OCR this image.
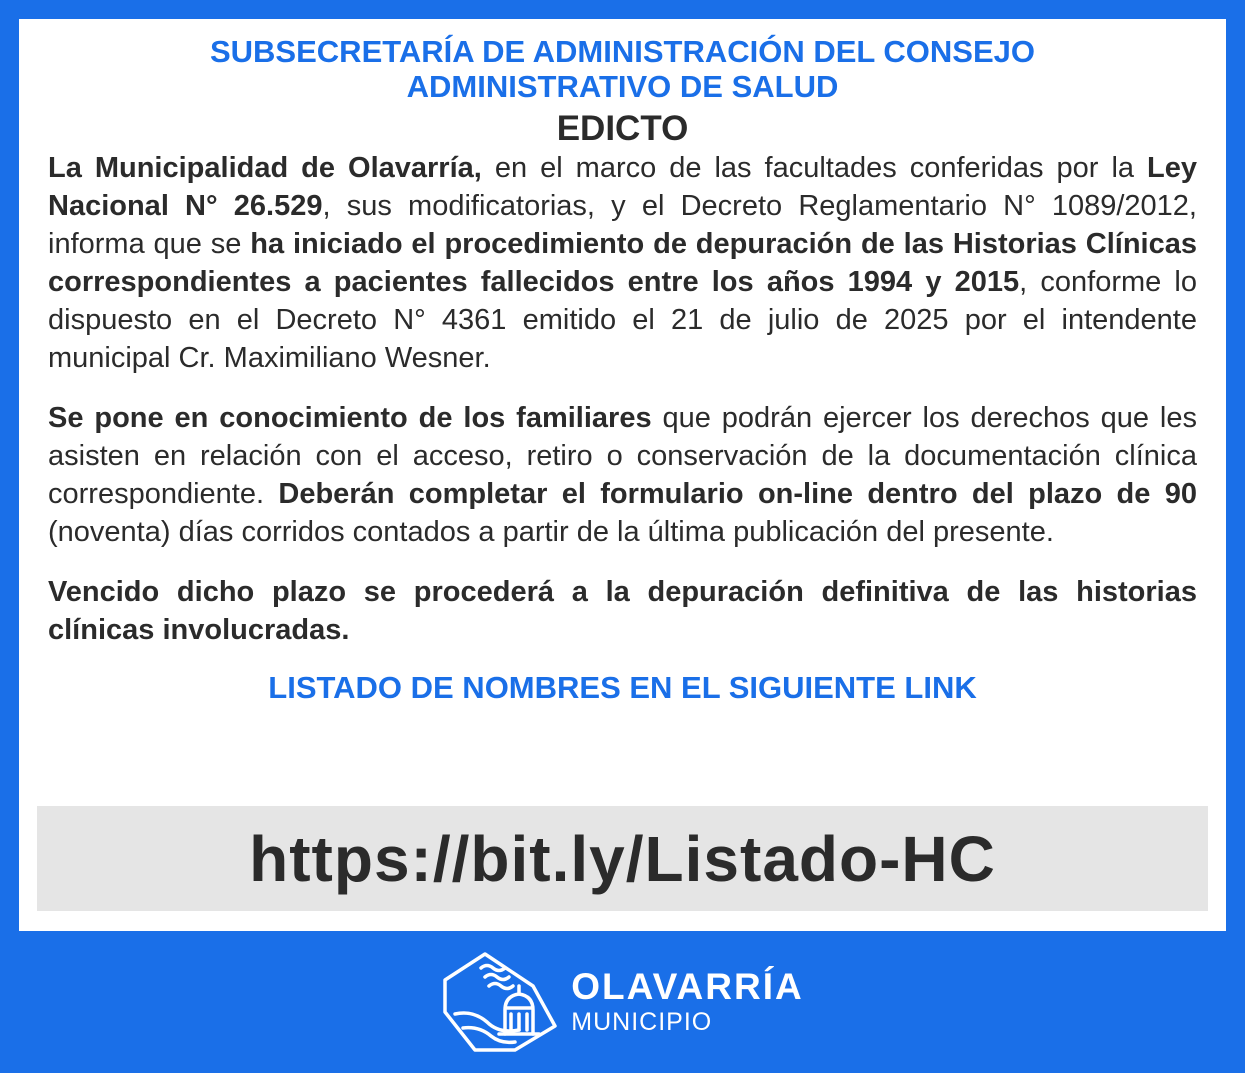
SUBSECRETARÍA DE ADMINISTRACIÓN DEL CONSEJO
ADMINISTRATIVO DE SALUD
EDICTO

La Municipalidad de Olavarría, en el marco de las facultades conferidas por la Ley Nacional N° 26.529, sus modificatorias, y el Decreto Reglamentario N° 1089/2012, informa que se ha iniciado el procedimiento de depuración de las Historias Clínicas correspondientes a pacientes fallecidos entre los años 1994 y 2015, conforme lo dispuesto en el Decreto N° 4361 emitido el 21 de julio de 2025 por el intendente municipal Cr. Maximiliano Wesner.

Se pone en conocimiento de los familiares que podrán ejercer los derechos que les asisten en relación con el acceso, retiro o conservación de la documentación clínica correspondiente. Deberán completar el formulario on-line dentro del plazo de 90 (noventa) días corridos contados a partir de la última publicación del presente.

Vencido dicho plazo se procederá a la depuración definitiva de las historias clínicas involucradas.

LISTADO DE NOMBRES EN EL SIGUIENTE LINK
https://bit.ly/Listado-HC
OLAVARRÍA
MUNICIPIO
